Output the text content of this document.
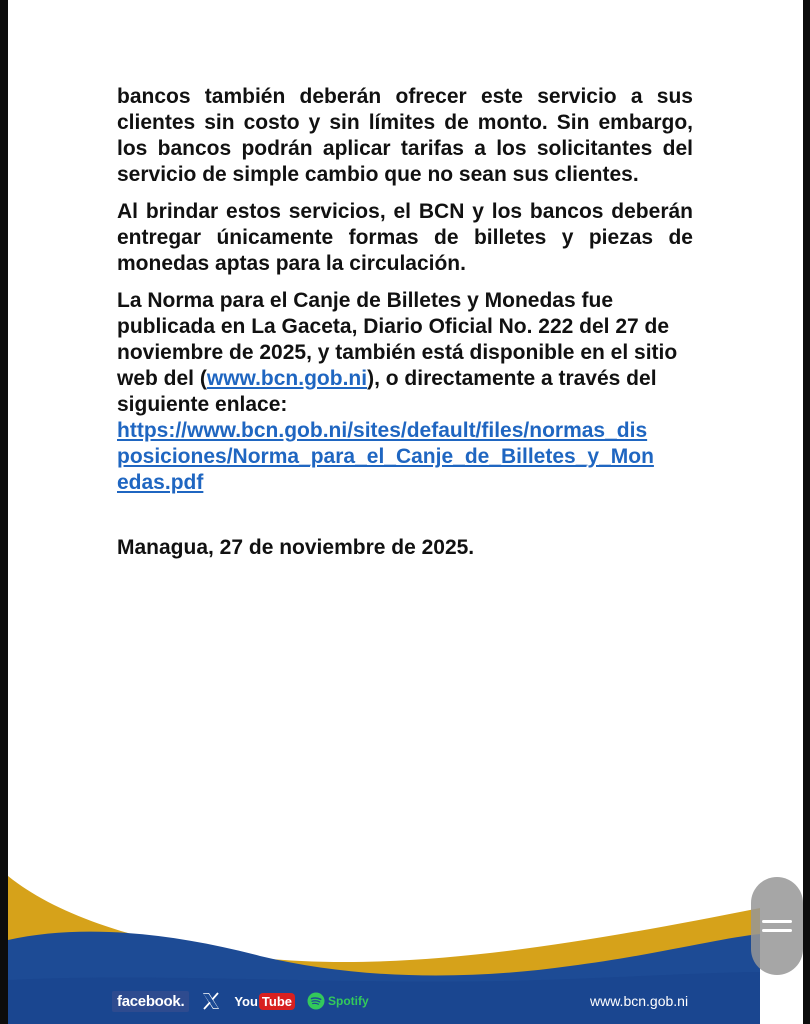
bancos también deberán ofrecer este servicio a sus clientes sin costo y sin límites de monto. Sin embargo, los bancos podrán aplicar tarifas a los solicitantes del servicio de simple cambio que no sean sus clientes.

Al brindar estos servicios, el BCN y los bancos deberán entregar únicamente formas de billetes y piezas de monedas aptas para la circulación.

La Norma para el Canje de Billetes y Monedas fue publicada en La Gaceta, Diario Oficial No. 222 del 27 de noviembre de 2025, y también está disponible en el sitio web del (www.bcn.gob.ni), o directamente a través del siguiente enlace:
https://www.bcn.gob.ni/sites/default/files/normas_dis
posiciones/Norma_para_el_Canje_de_Billetes_y_Mon
edas.pdf

Managua, 27 de noviembre de 2025.

facebook.	You Tube	Spotify	www.bcn.gob.ni
